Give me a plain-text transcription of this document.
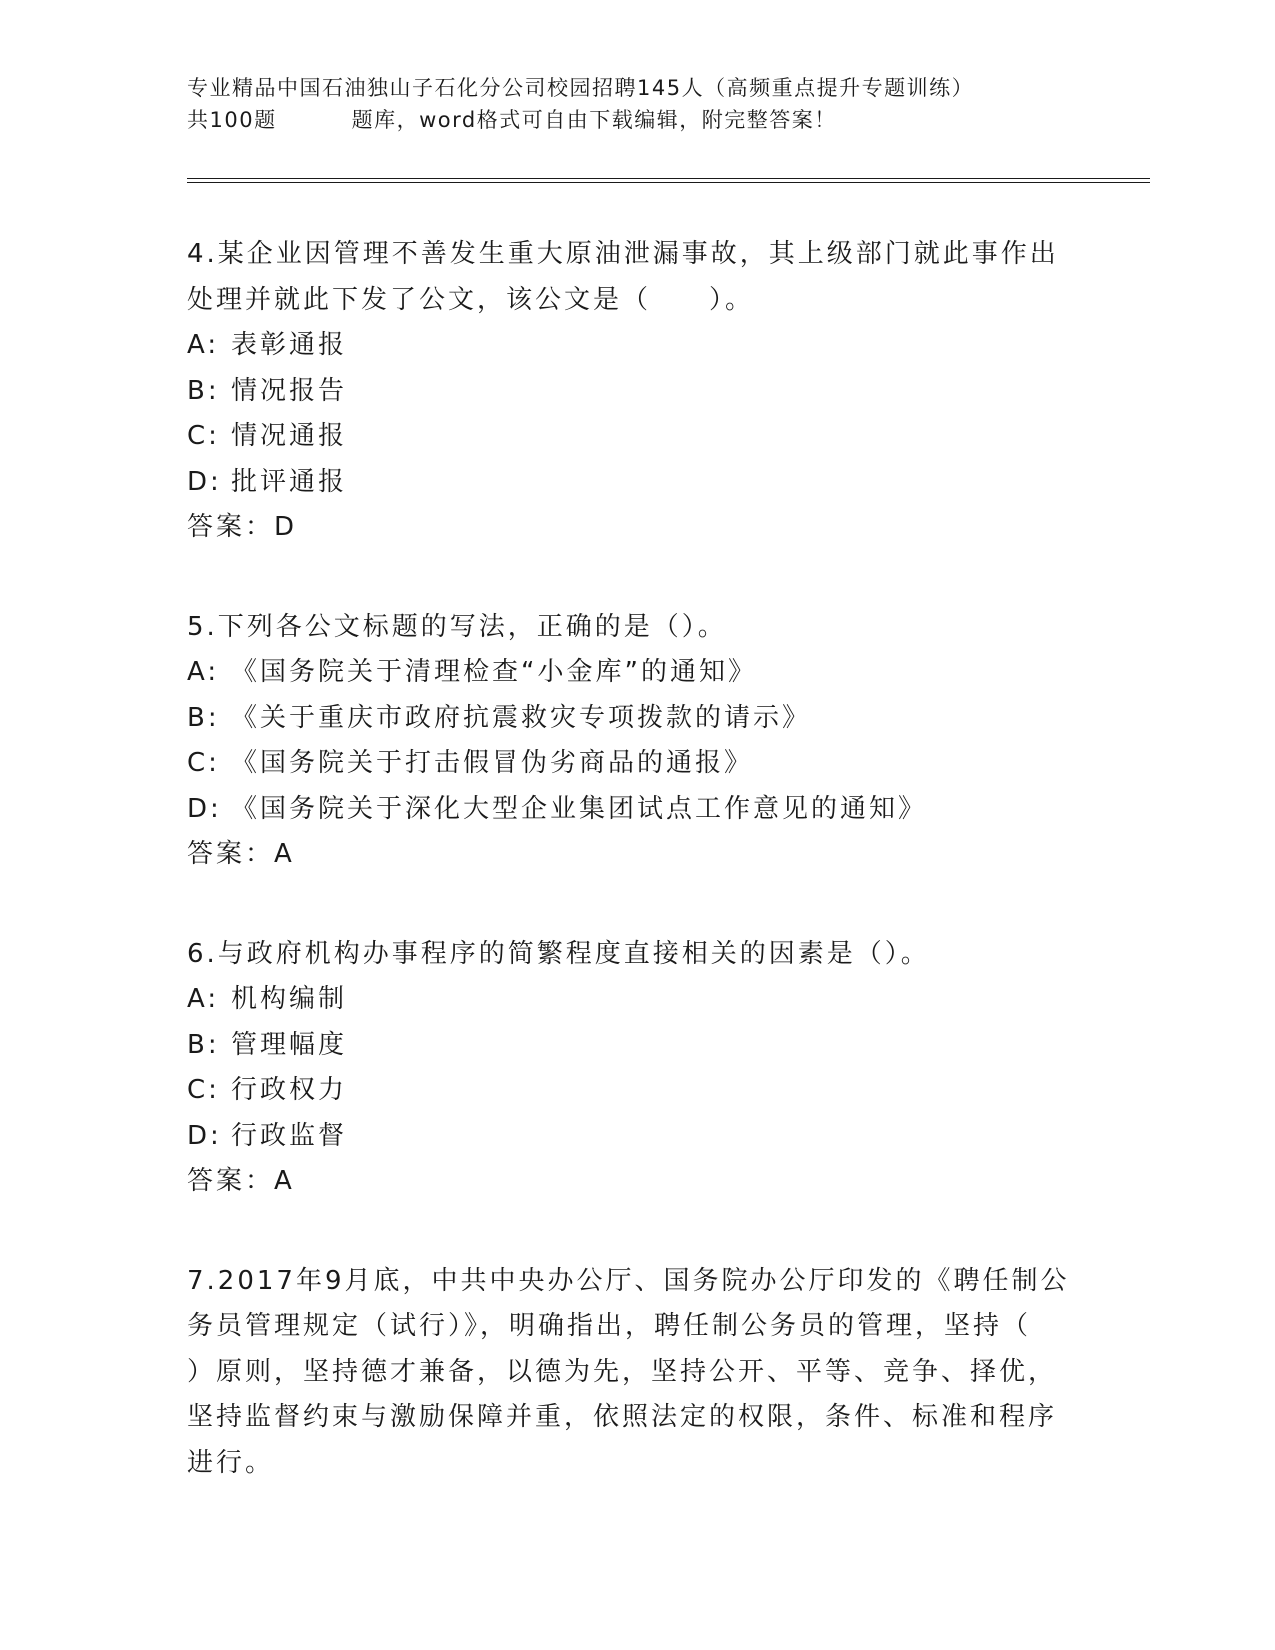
专业精品中国石油独山子石化分公司校园招聘145人（高频重点提升专题训练）
共100题	题库，word格式可自由下载编辑，附完整答案！

4.某企业因管理不善发生重大原油泄漏事故，其上级部门就此事作出
处理并就此下发了公文，该公文是（　　）。

A: 表彰通报

B: 情况报告

C: 情况通报

D: 批评通报

答案：D

5.下列各公文标题的写法，正确的是（）。

A: 《国务院关于清理检查“小金库”的通知》

B: 《关于重庆市政府抗震救灾专项拨款的请示》

C: 《国务院关于打击假冒伪劣商品的通报》

D: 《国务院关于深化大型企业集团试点工作意见的通知》

答案：A

6.与政府机构办事程序的简繁程度直接相关的因素是（）。

A: 机构编制

B: 管理幅度

C: 行政权力

D: 行政监督

答案：A

7.2017年9月底，中共中央办公厅、国务院办公厅印发的《聘任制公
务员管理规定（试行）》，明确指出，聘任制公务员的管理，坚持（
）原则，坚持德才兼备，以德为先，坚持公开、平等、竞争、择优，
坚持监督约束与激励保障并重，依照法定的权限，条件、标准和程序
进行。
